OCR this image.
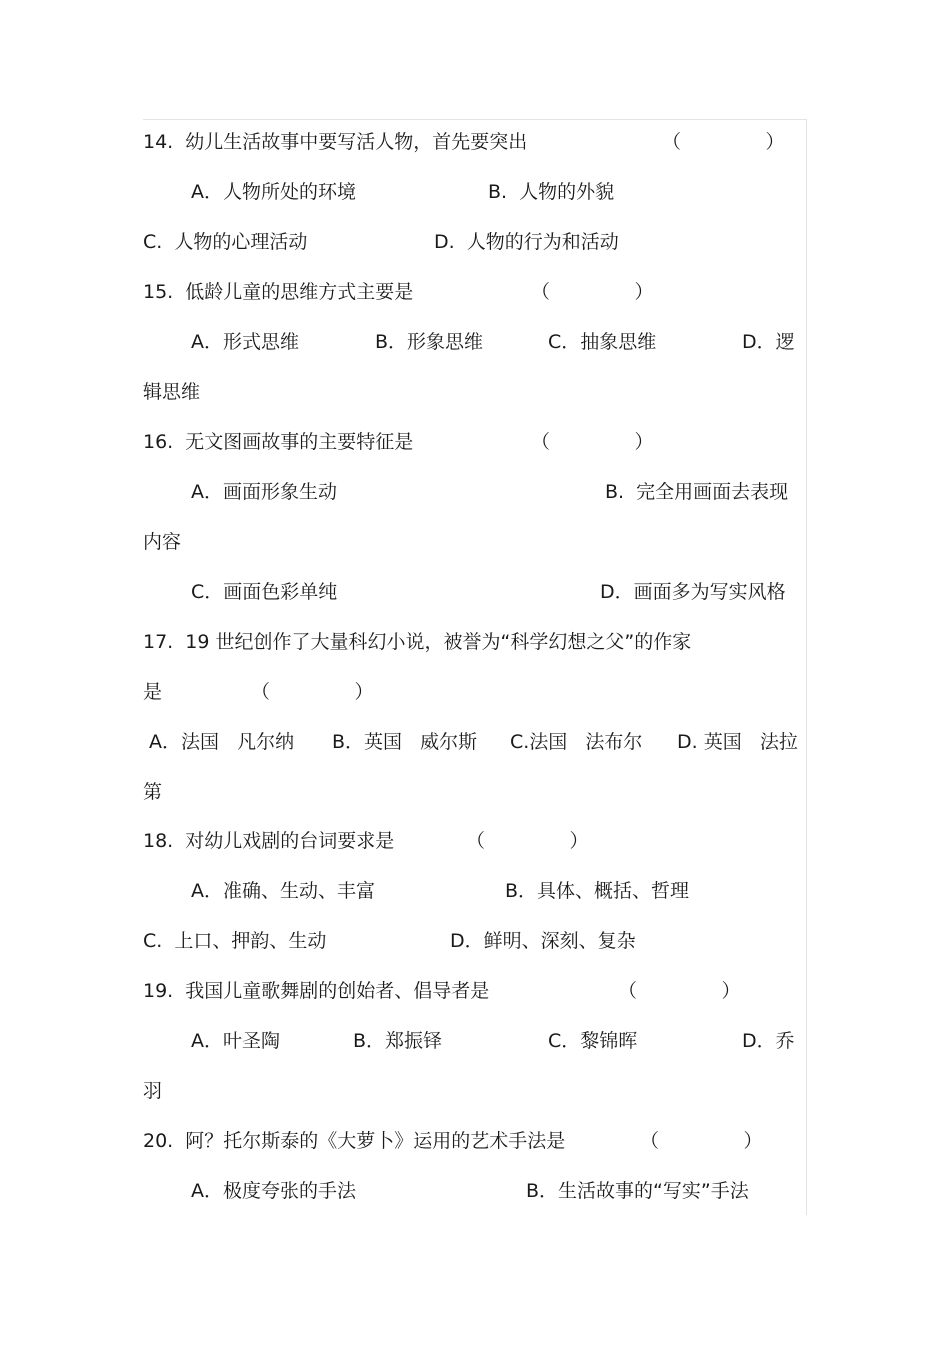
14.  幼儿生活故事中要写活人物，首先要突出	（              ）
A．人物所处的环境	B.  人物的外貌
C.  人物的心理活动	D.  人物的行为和活动
15.  低龄儿童的思维方式主要是	（              ）
A．形式思维	B．形象思维	C．抽象思维	D．逻
辑思维
16.  无文图画故事的主要特征是	（              ）
A．画面形象生动	B.  完全用画面去表现
内容
C．画面色彩单纯	D．画面多为写实风格
17.  19 世纪创作了大量科幻小说，被誉为“科学幻想之父”的作家
是	（              ）
A．法国   凡尔纳 B．英国   威尔斯 C.法国   法布尔 D. 英国   法拉
第
18.  对幼儿戏剧的台词要求是	（              ）
A．准确、生动、丰富	B．具体、概括、哲理
C.  上口、押韵、生动	D．鲜明、深刻、复杂
19.  我国儿童歌舞剧的创始者、倡导者是	（              ）
A．叶圣陶	B．郑振铎	C．黎锦晖	D．乔
羽
20.  阿？托尔斯泰的《大萝卜》运用的艺术手法是	（              ）
A．极度夸张的手法	B．生活故事的“写实”手法
